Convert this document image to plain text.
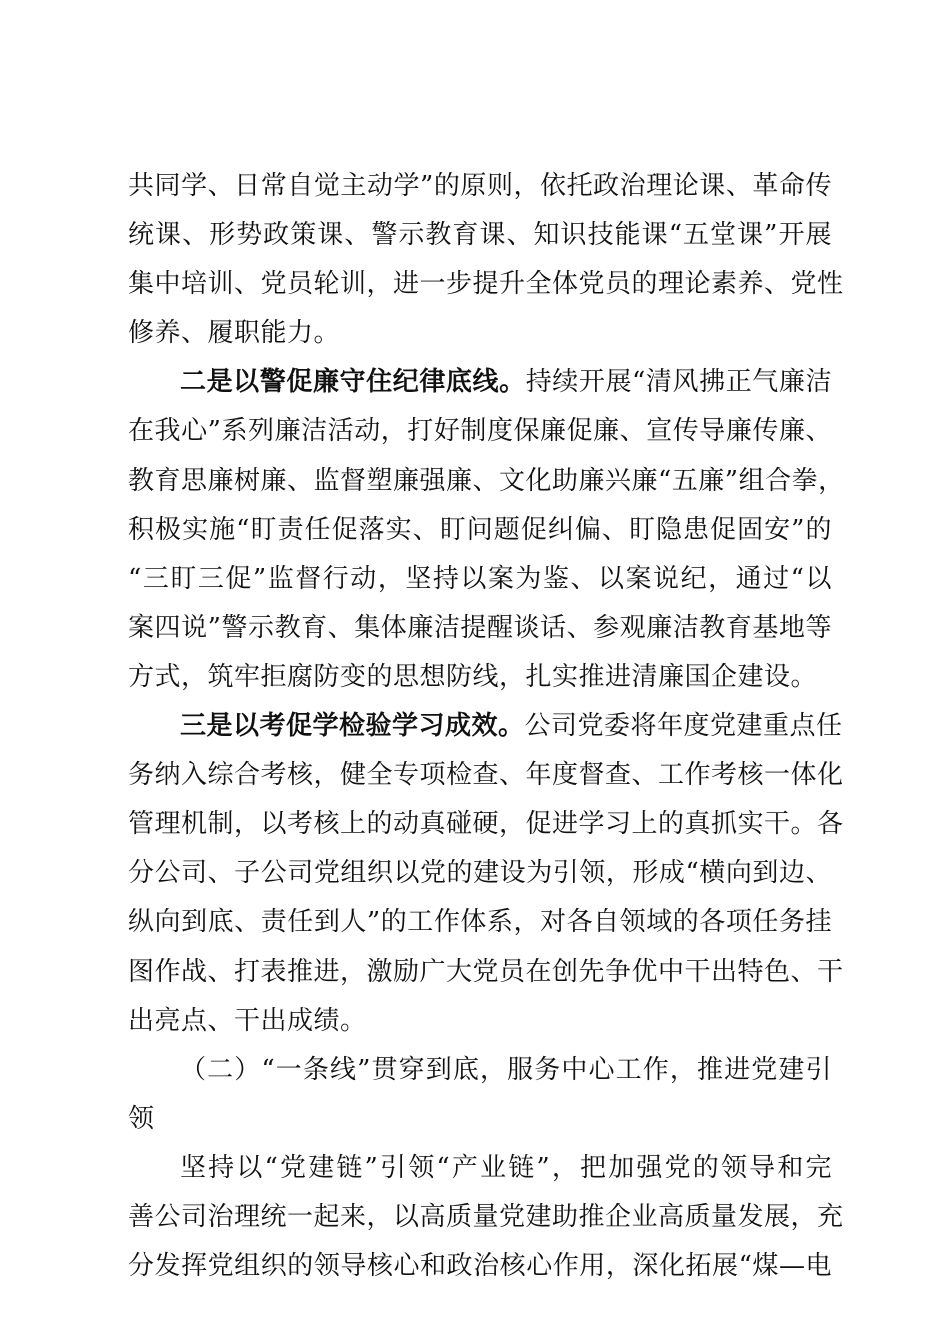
共同学、日常自觉主动学”的原则，依托政治理论课、革命传
统课、形势政策课、警示教育课、知识技能课“五堂课”开展
集中培训、党员轮训，进一步提升全体党员的理论素养、党性
修养、履职能力。
二是以警促廉守住纪律底线。持续开展“清风拂正气廉洁
在我心”系列廉洁活动，打好制度保廉促廉、宣传导廉传廉、
教育思廉树廉、监督塑廉强廉、文化助廉兴廉“五廉”组合拳，
积极实施“盯责任促落实、盯问题促纠偏、盯隐患促固安”的
“三盯三促”监督行动，坚持以案为鉴、以案说纪，通过“以
案四说”警示教育、集体廉洁提醒谈话、参观廉洁教育基地等
方式，筑牢拒腐防变的思想防线，扎实推进清廉国企建设。
三是以考促学检验学习成效。公司党委将年度党建重点任
务纳入综合考核，健全专项检查、年度督查、工作考核一体化
管理机制，以考核上的动真碰硬，促进学习上的真抓实干。各
分公司、子公司党组织以党的建设为引领，形成“横向到边、
纵向到底、责任到人”的工作体系，对各自领域的各项任务挂
图作战、打表推进，激励广大党员在创先争优中干出特色、干
出亮点、干出成绩。
（二）“一条线”贯穿到底，服务中心工作，推进党建引
领
坚持以“党建链”引领“产业链”，把加强党的领导和完
善公司治理统一起来，以高质量党建助推企业高质量发展，充
分发挥党组织的领导核心和政治核心作用，深化拓展“煤—电
